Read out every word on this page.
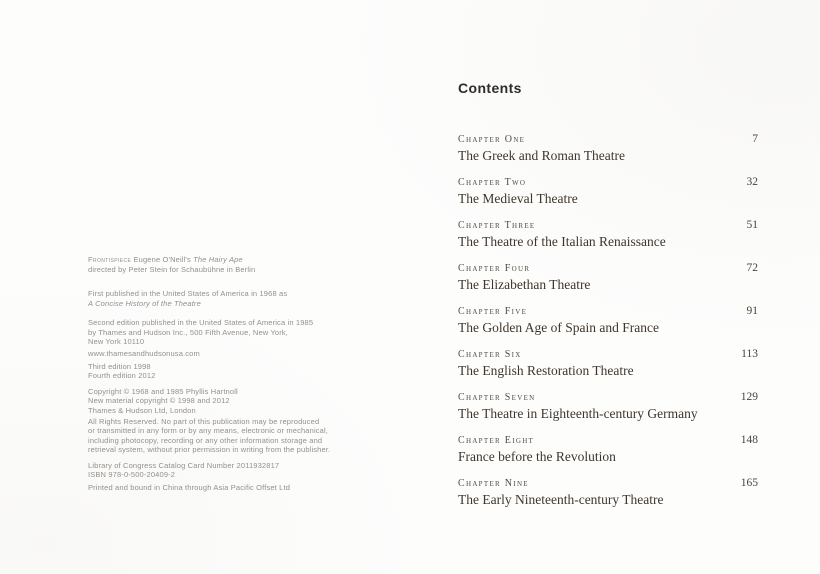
Frontispiece Eugene O'Neill's The Hairy Ape
directed by Peter Stein for Schaubühne in Berlin
First published in the United States of America in 1968 as
A Concise History of the Theatre
Second edition published in the United States of America in 1985
by Thames and Hudson Inc., 500 Fifth Avenue, New York,
New York 10110
www.thamesandhudsonusa.com
Third edition 1998
Fourth edition 2012
Copyright © 1968 and 1985 Phyllis Hartnoll
New material copyright © 1998 and 2012
Thames & Hudson Ltd, London
All Rights Reserved. No part of this publication may be reproduced
or transmitted in any form or by any means, electronic or mechanical,
including photocopy, recording or any other information storage and
retrieval system, without prior permission in writing from the publisher.
Library of Congress Catalog Card Number 2011932817
ISBN 978-0-500-20409-2
Printed and bound in China through Asia Pacific Offset Ltd
Contents
Chapter One
The Greek and Roman Theatre
7
Chapter Two
The Medieval Theatre
32
Chapter Three
The Theatre of the Italian Renaissance
51
Chapter Four
The Elizabethan Theatre
72
Chapter Five
The Golden Age of Spain and France
91
Chapter Six
The English Restoration Theatre
113
Chapter Seven
The Theatre in Eighteenth-century Germany
129
Chapter Eight
France before the Revolution
148
Chapter Nine
The Early Nineteenth-century Theatre
165
